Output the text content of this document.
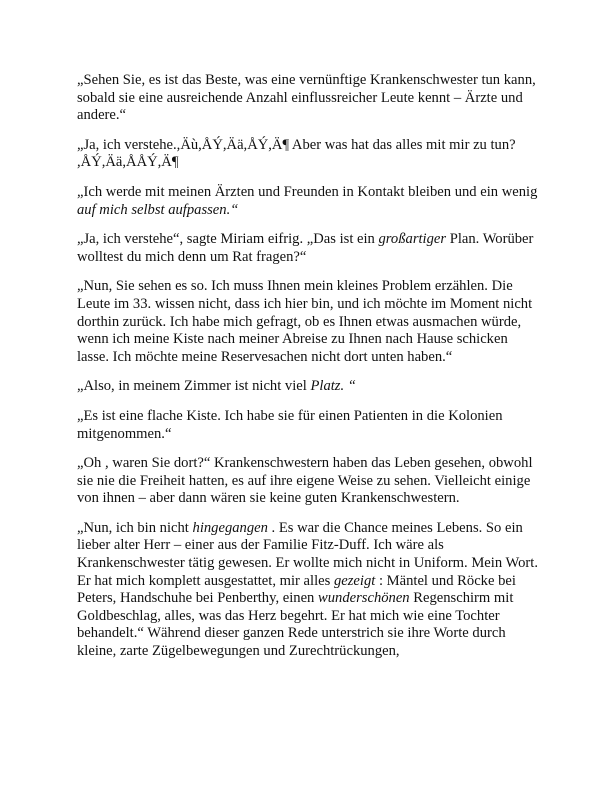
„Sehen Sie, es ist das Beste, was eine vernünftige Krankenschwester tun kann, sobald sie eine ausreichende Anzahl einflussreicher Leute kennt – Ärzte und andere.“

„Ja, ich verstehe.,Äù,ÅÝ,Ää,ÅÝ,Ä¶ Aber was hat das alles mit mir zu tun? ,ÅÝ,Ää,ÅÅÝ,Ä¶

„Ich werde mit meinen Ärzten und Freunden in Kontakt bleiben und ein wenig auf mich selbst aufpassen.“

„Ja, ich verstehe“, sagte Miriam eifrig. „Das ist ein großartiger Plan. Worüber wolltest du mich denn um Rat fragen?“

„Nun, Sie sehen es so. Ich muss Ihnen mein kleines Problem erzählen. Die Leute im 33. wissen nicht, dass ich hier bin, und ich möchte im Moment nicht dorthin zurück. Ich habe mich gefragt, ob es Ihnen etwas ausmachen würde, wenn ich meine Kiste nach meiner Abreise zu Ihnen nach Hause schicken lasse. Ich möchte meine Reservesachen nicht dort unten haben.“

„Also, in meinem Zimmer ist nicht viel Platz. “

„Es ist eine flache Kiste. Ich habe sie für einen Patienten in die Kolonien mitgenommen.“

„Oh , waren Sie dort?“ Krankenschwestern haben das Leben gesehen, obwohl sie nie die Freiheit hatten, es auf ihre eigene Weise zu sehen. Vielleicht einige von ihnen – aber dann wären sie keine guten Krankenschwestern.

„Nun, ich bin nicht hingegangen . Es war die Chance meines Lebens. So ein lieber alter Herr – einer aus der Familie Fitz-Duff. Ich wäre als Krankenschwester tätig gewesen. Er wollte mich nicht in Uniform. Mein Wort. Er hat mich komplett ausgestattet, mir alles gezeigt : Mäntel und Röcke bei Peters, Handschuhe bei Penberthy, einen wunderschönen Regenschirm mit Goldbeschlag, alles, was das Herz begehrt. Er hat mich wie eine Tochter behandelt.“ Während dieser ganzen Rede unterstrich sie ihre Worte durch kleine, zarte Zügelbewegungen und Zurechtrückungen,
